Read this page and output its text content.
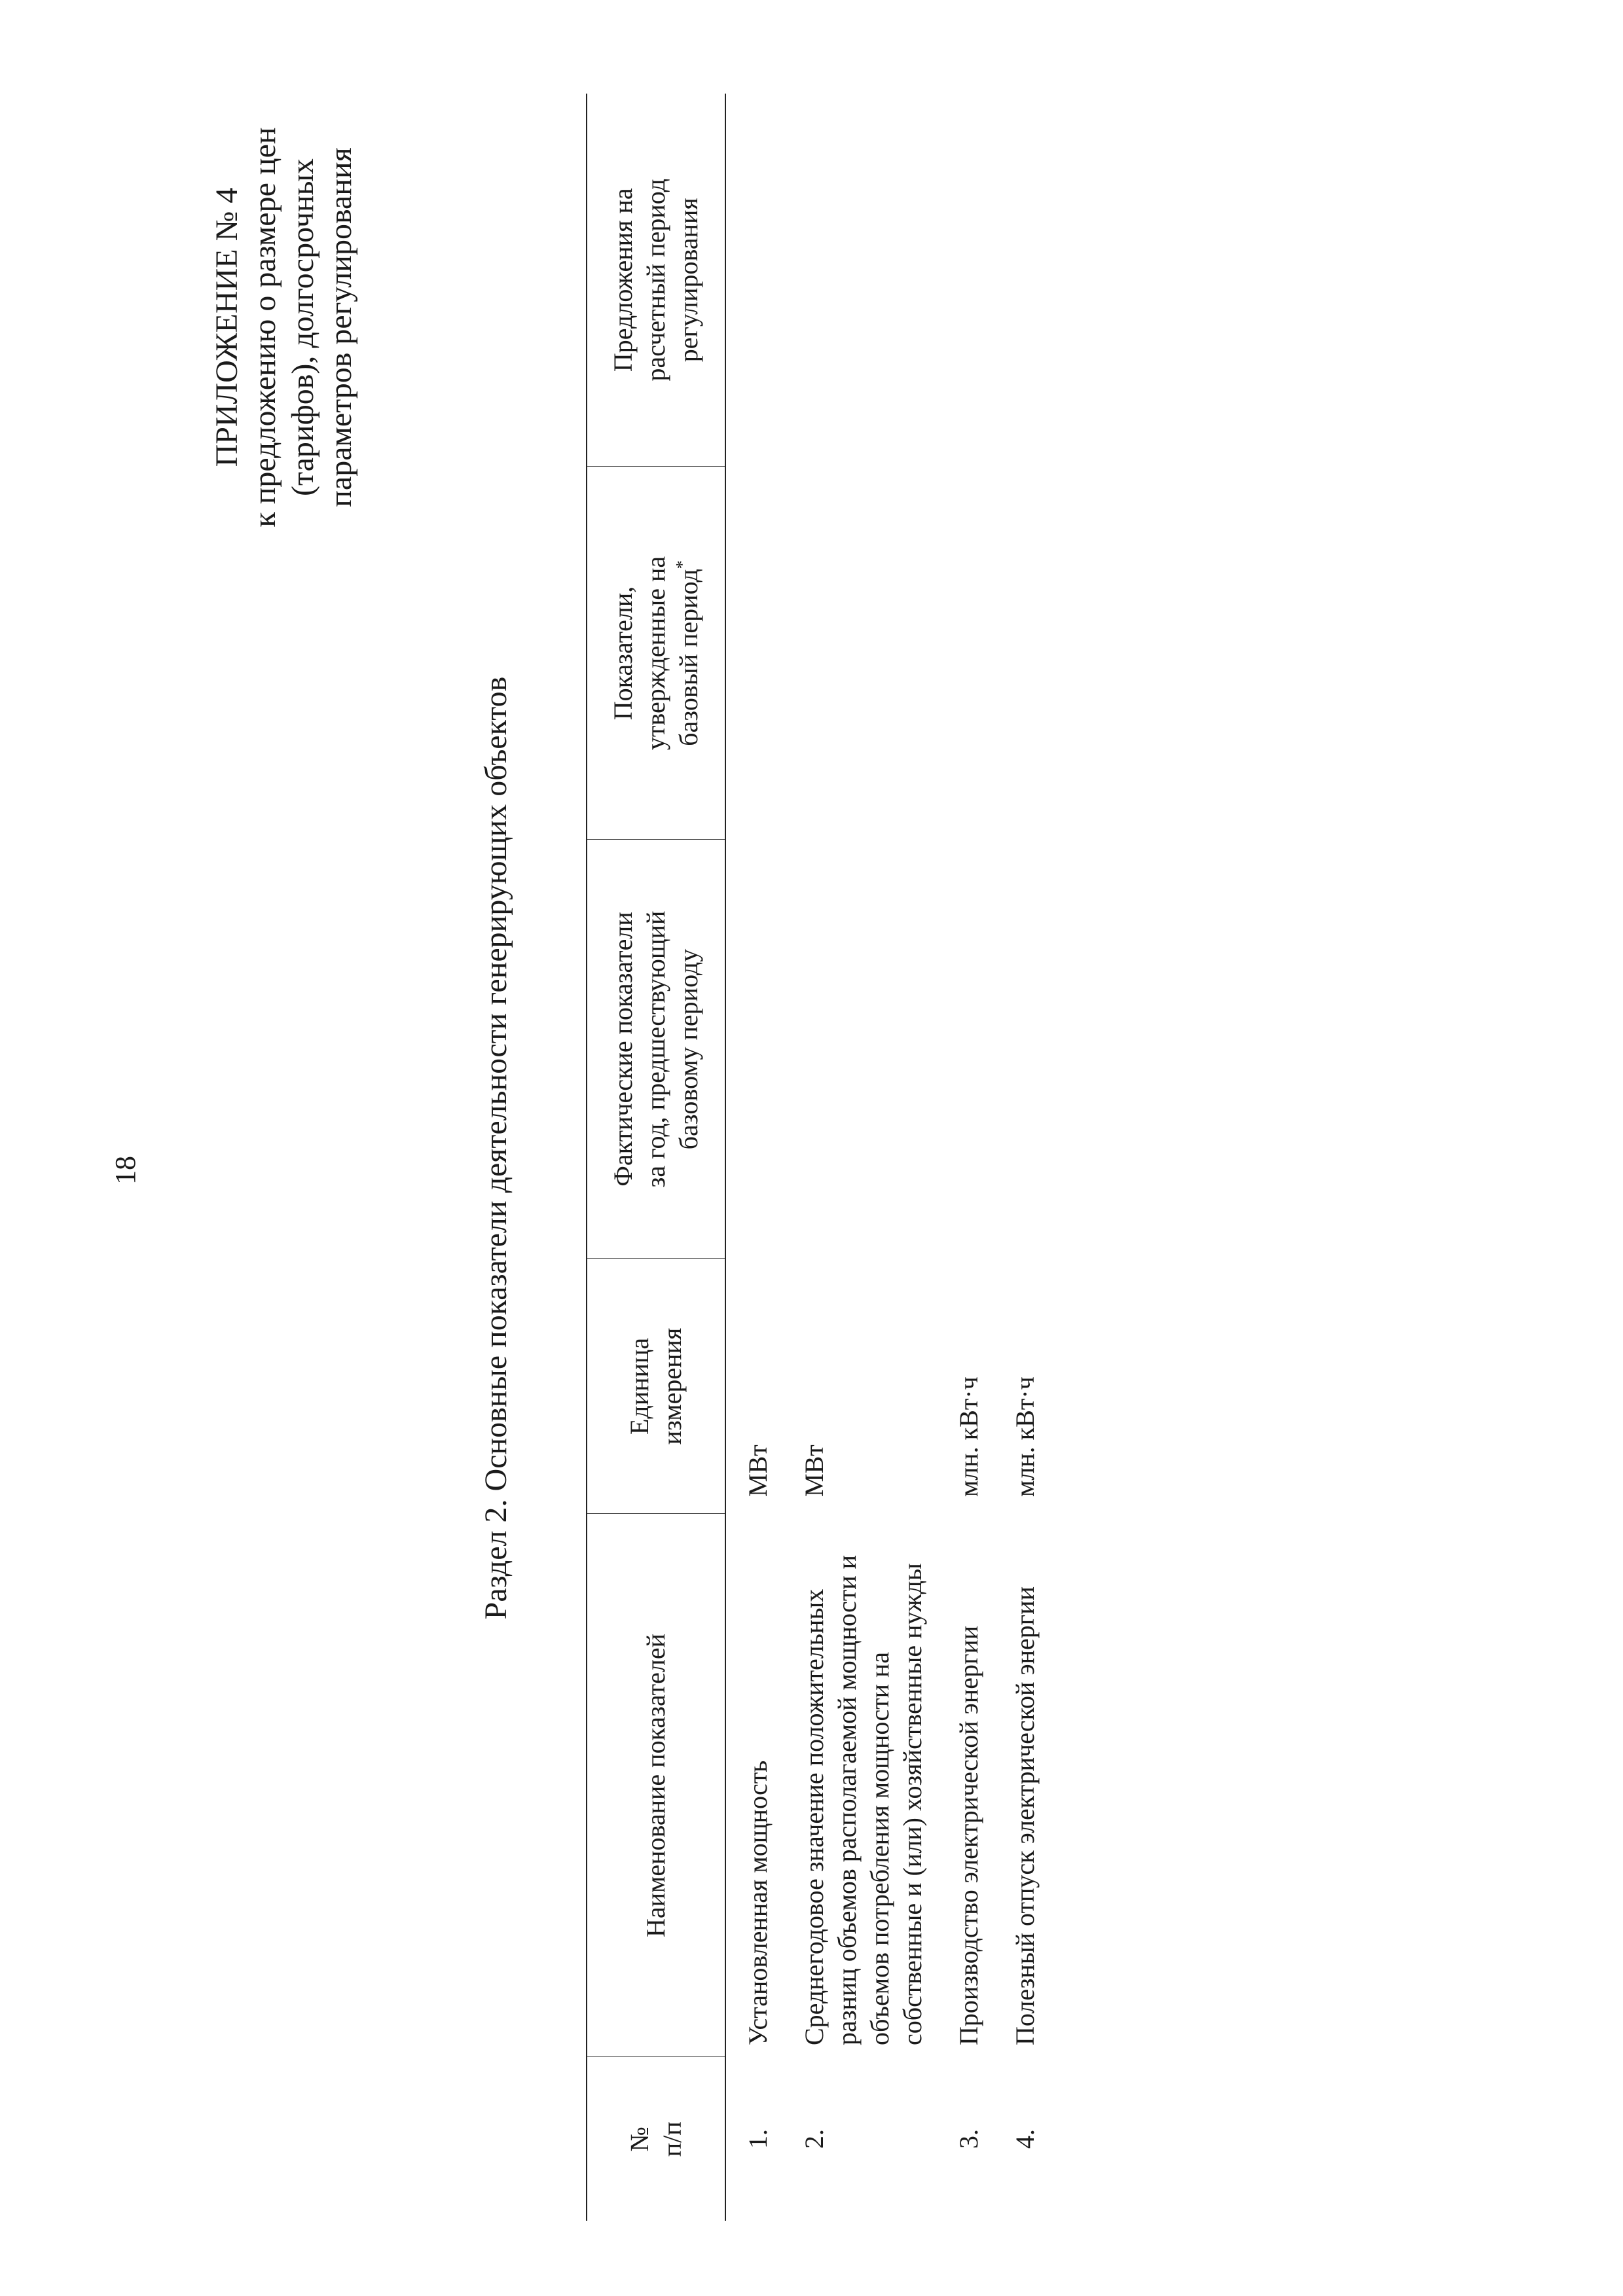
18
ПРИЛОЖЕНИЕ № 4 к предложению о размере цен (тарифов), долгосрочных параметров регулирования
Раздел 2. Основные показатели деятельности генерирующих объектов
№ п/п	Наименование показателей	Единица измерения	Фактические показатели за год, предшествующий базовому периоду	Показатели, утвержденные на базовый период*	Предложения на расчетный период регулирования

1.	Установленная мощность	МВт			
2.	Среднегодовое значение положительных разниц объемов располагаемой мощности и объемов потребления мощности на собственные и (или) хозяйственные нужды	МВт			
3.	Производство электрической энергии	млн. кВт·ч			
4.	Полезный отпуск электрической энергии	млн. кВт·ч			
